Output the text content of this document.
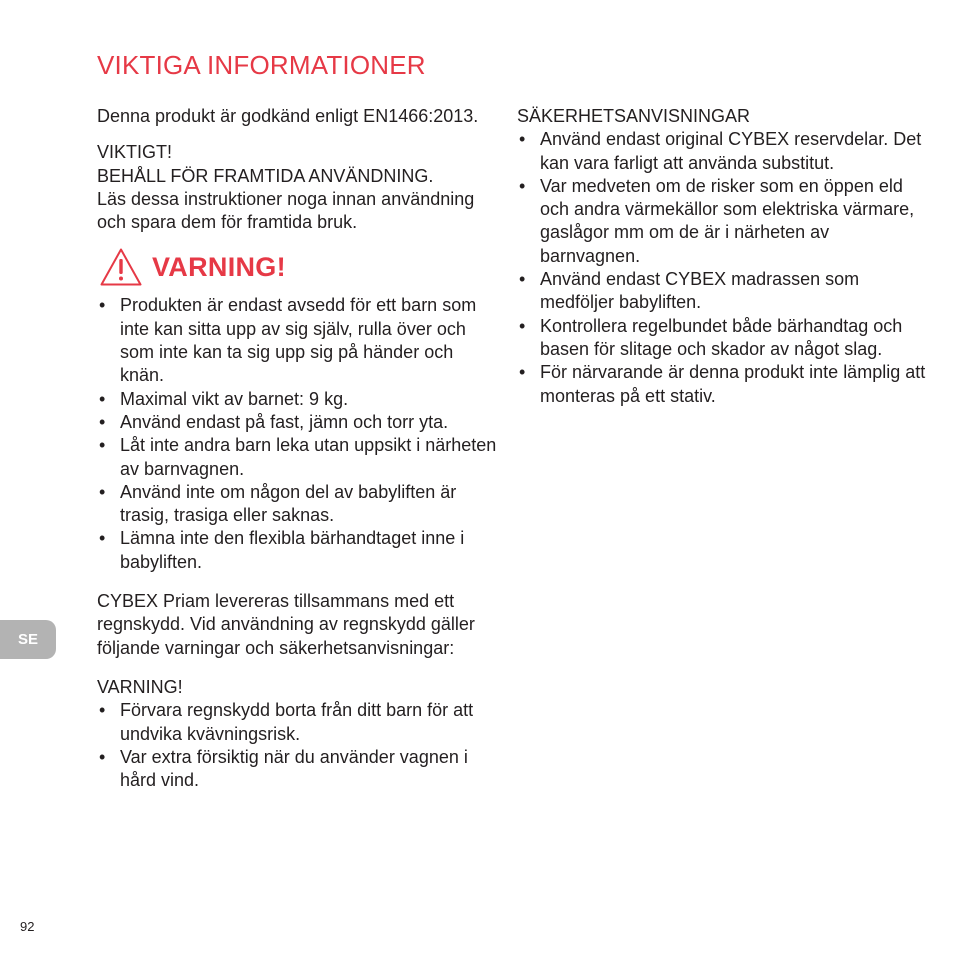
VIKTIGA INFORMATIONER

Denna produkt är godkänd enligt EN1466:2013.

VIKTIGT!

BEHÅLL FÖR FRAMTIDA ANVÄNDNING.

Läs dessa instruktioner noga innan användning och spara dem för framtida bruk.

VARNING!
• Produkten är endast avsedd för ett barn som inte kan sitta upp av sig själv, rulla över och som inte kan ta sig upp sig på händer och knän.
• Maximal vikt av barnet: 9 kg.
• Använd endast på fast, jämn och torr yta.
• Låt inte andra barn leka utan uppsikt i närheten av barnvagnen.
• Använd inte om någon del av babyliften är trasig, trasiga eller saknas.
• Lämna inte den flexibla bärhandtaget inne i babyliften.

CYBEX Priam levereras tillsammans med ett regnskydd. Vid användning av regnskydd gäller följande varningar och säkerhetsanvisningar:

VARNING!

• Förvara regnskydd borta från ditt barn för att undvika kvävningsrisk.
• Var extra försiktig när du använder vagnen i hård vind.

SÄKERHETSANVISNINGAR

• Använd endast original CYBEX reservdelar. Det kan vara farligt att använda substitut.
• Var medveten om de risker som en öppen eld och andra värmekällor som elektriska värmare, gaslågor mm om de är i närheten av barnvagnen.
• Använd endast CYBEX madrassen som medföljer babyliften.
• Kontrollera regelbundet både bärhandtag och basen för slitage och skador av något slag.
• För närvarande är denna produkt inte lämplig att monteras på ett stativ.
SE
92
